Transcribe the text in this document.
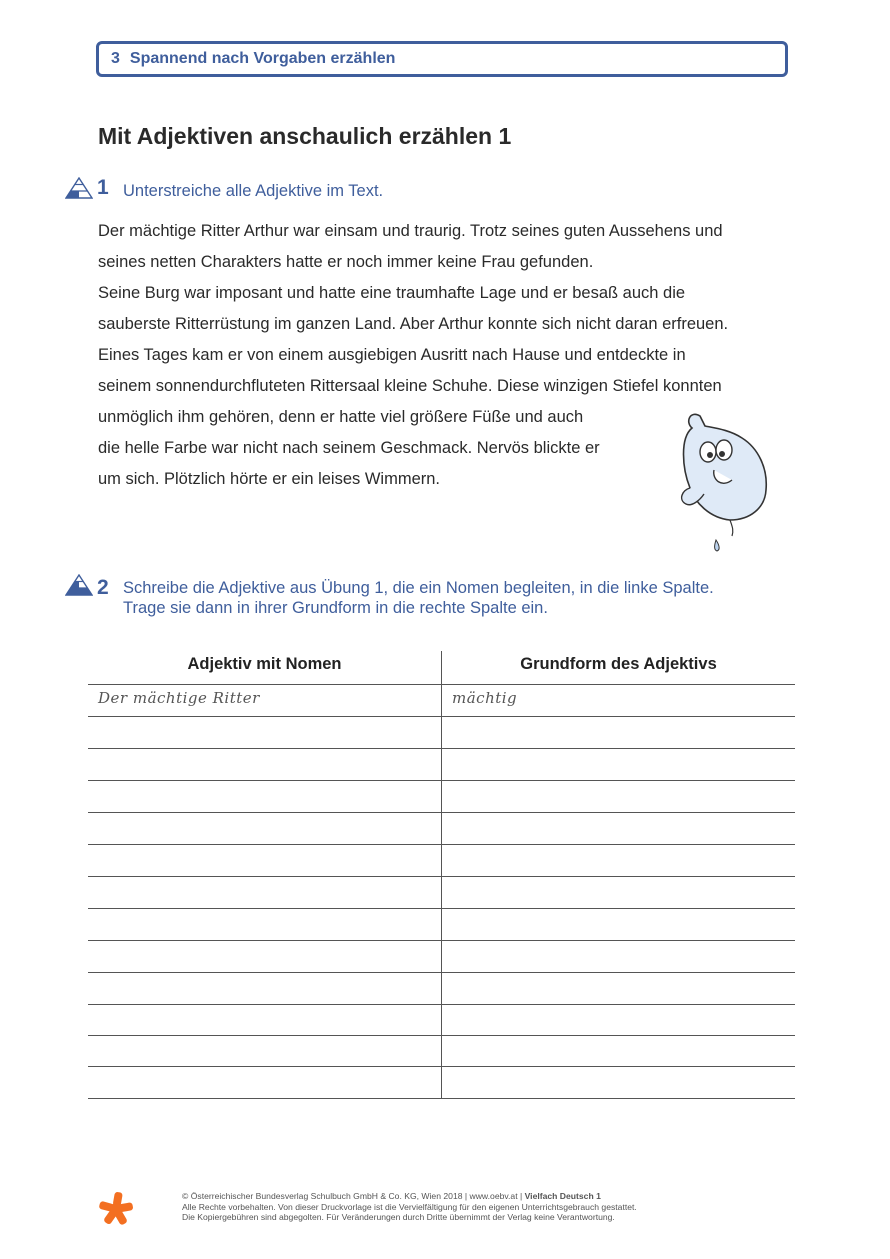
3 Spannend nach Vorgaben erzählen
Mit Adjektiven anschaulich erzählen 1
1 Unterstreiche alle Adjektive im Text.
Der mächtige Ritter Arthur war einsam und traurig. Trotz seines guten Aussehens und
seines netten Charakters hatte er noch immer keine Frau gefunden.
Seine Burg war imposant und hatte eine traumhafte Lage und er besaß auch die
sauberste Ritterrüstung im ganzen Land. Aber Arthur konnte sich nicht daran erfreuen.
Eines Tages kam er von einem ausgiebigen Ausritt nach Hause und entdeckte in
seinem sonnendurchfluteten Rittersaal kleine Schuhe. Diese winzigen Stiefel konnten
unmöglich ihm gehören, denn er hatte viel größere Füße und auch
die helle Farbe war nicht nach seinem Geschmack. Nervös blickte er
um sich. Plötzlich hörte er ein leises Wimmern.
2 Schreibe die Adjektive aus Übung 1, die ein Nomen begleiten, in die linke Spalte.
Trage sie dann in ihrer Grundform in die rechte Spalte ein.
Adjektiv mit Nomen	Grundform des Adjektivs
Der mächtige Ritter	mächtig
© Österreichischer Bundesverlag Schulbuch GmbH & Co. KG, Wien 2018 | www.oebv.at | Vielfach Deutsch 1
Alle Rechte vorbehalten. Von dieser Druckvorlage ist die Vervielfältigung für den eigenen Unterrichtsgebrauch gestattet.
Die Kopiergebühren sind abgegolten. Für Veränderungen durch Dritte übernimmt der Verlag keine Verantwortung.
